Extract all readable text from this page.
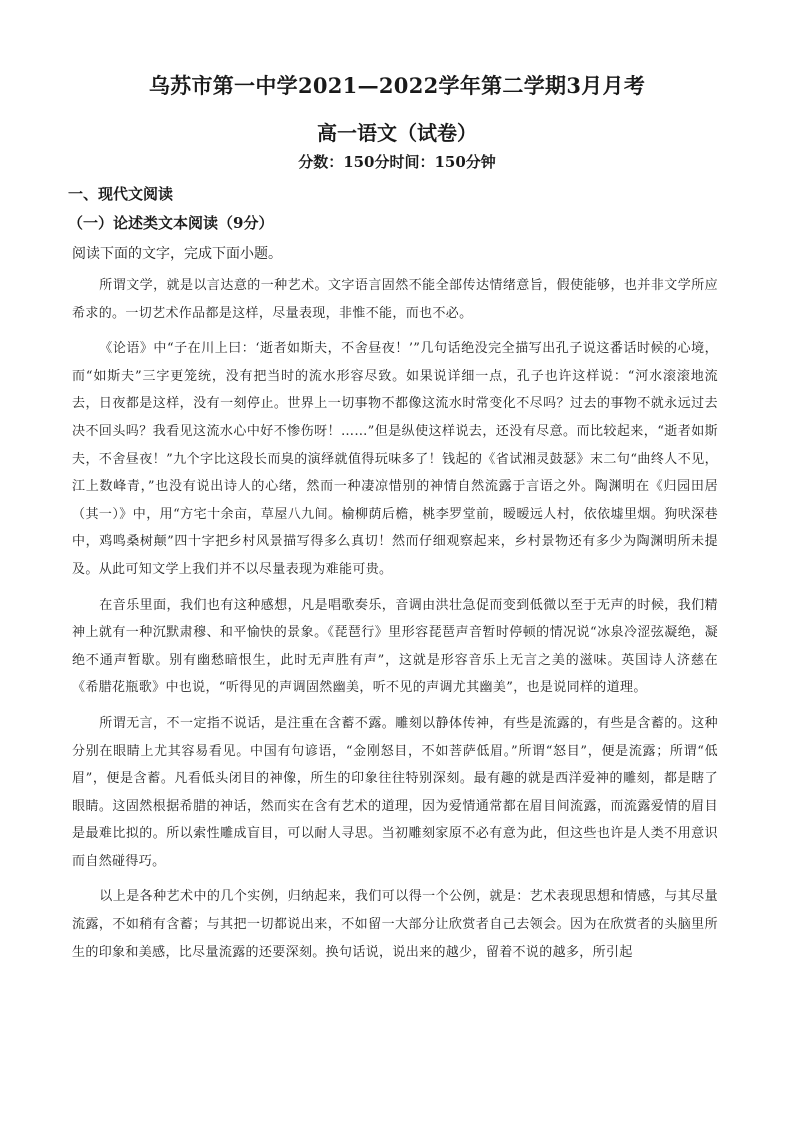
乌苏市第一中学2021—2022学年第二学期3月月考
高一语文（试卷）
分数：150分时间：150分钟
一、现代文阅读
（一）论述类文本阅读（9分）
阅读下面的文字，完成下面小题。

所谓文学，就是以言达意的一种艺术。文字语言固然不能全部传达情绪意旨，假使能够，也并非文学所应希求的。一切艺术作品都是这样，尽量表现，非惟不能，而也不必。

《论语》中“子在川上曰：‘逝者如斯夫，不舍昼夜！’”几句话绝没完全描写出孔子说这番话时候的心境，而“如斯夫”三字更笼统，没有把当时的流水形容尽致。如果说详细一点，孔子也许这样说：“河水滚滚地流去，日夜都是这样，没有一刻停止。世界上一切事物不都像这流水时常变化不尽吗？过去的事物不就永远过去决不回头吗？我看见这流水心中好不惨伤呀！……”但是纵使这样说去，还没有尽意。而比较起来，“逝者如斯夫，不舍昼夜！”九个字比这段长而臭的演绎就值得玩味多了！钱起的《省试湘灵鼓瑟》末二句“曲终人不见，江上数峰青，”也没有说出诗人的心绪，然而一种凄凉惜别的神情自然流露于言语之外。陶渊明在《归园田居（其一）》中，用“方宅十余亩，草屋八九间。榆柳荫后檐，桃李罗堂前，暧暧远人村，依依墟里烟。狗吠深巷中，鸡鸣桑树颠”四十字把乡村风景描写得多么真切！然而仔细观察起来，乡村景物还有多少为陶渊明所未提及。从此可知文学上我们并不以尽量表现为难能可贵。

在音乐里面，我们也有这种感想，凡是唱歌奏乐，音调由洪壮急促而变到低微以至于无声的时候，我们精神上就有一种沉默肃穆、和平愉快的景象。《琵琶行》里形容琵琶声音暂时停顿的情况说“冰泉冷涩弦凝绝，凝绝不通声暂歇。别有幽愁暗恨生，此时无声胜有声”，这就是形容音乐上无言之美的滋味。英国诗人济慈在《希腊花瓶歌》中也说，“听得见的声调固然幽美，听不见的声调尤其幽美”，也是说同样的道理。

所谓无言，不一定指不说话，是注重在含蓄不露。雕刻以静体传神，有些是流露的，有些是含蓄的。这种分别在眼睛上尤其容易看见。中国有句谚语，“金刚怒目，不如菩萨低眉。”所谓“怒目”，便是流露；所谓“低眉”，便是含蓄。凡看低头闭目的神像，所生的印象往往特别深刻。最有趣的就是西洋爱神的雕刻，都是瞎了眼睛。这固然根据希腊的神话，然而实在含有艺术的道理，因为爱情通常都在眉目间流露，而流露爱情的眉目是最难比拟的。所以索性雕成盲目，可以耐人寻思。当初雕刻家原不必有意为此，但这些也许是人类不用意识而自然碰得巧。

以上是各种艺术中的几个实例，归纳起来，我们可以得一个公例，就是：艺术表现思想和情感，与其尽量流露，不如稍有含蓄；与其把一切都说出来，不如留一大部分让欣赏者自己去领会。因为在欣赏者的头脑里所生的印象和美感，比尽量流露的还要深刻。换句话说，说出来的越少，留着不说的越多，所引起
